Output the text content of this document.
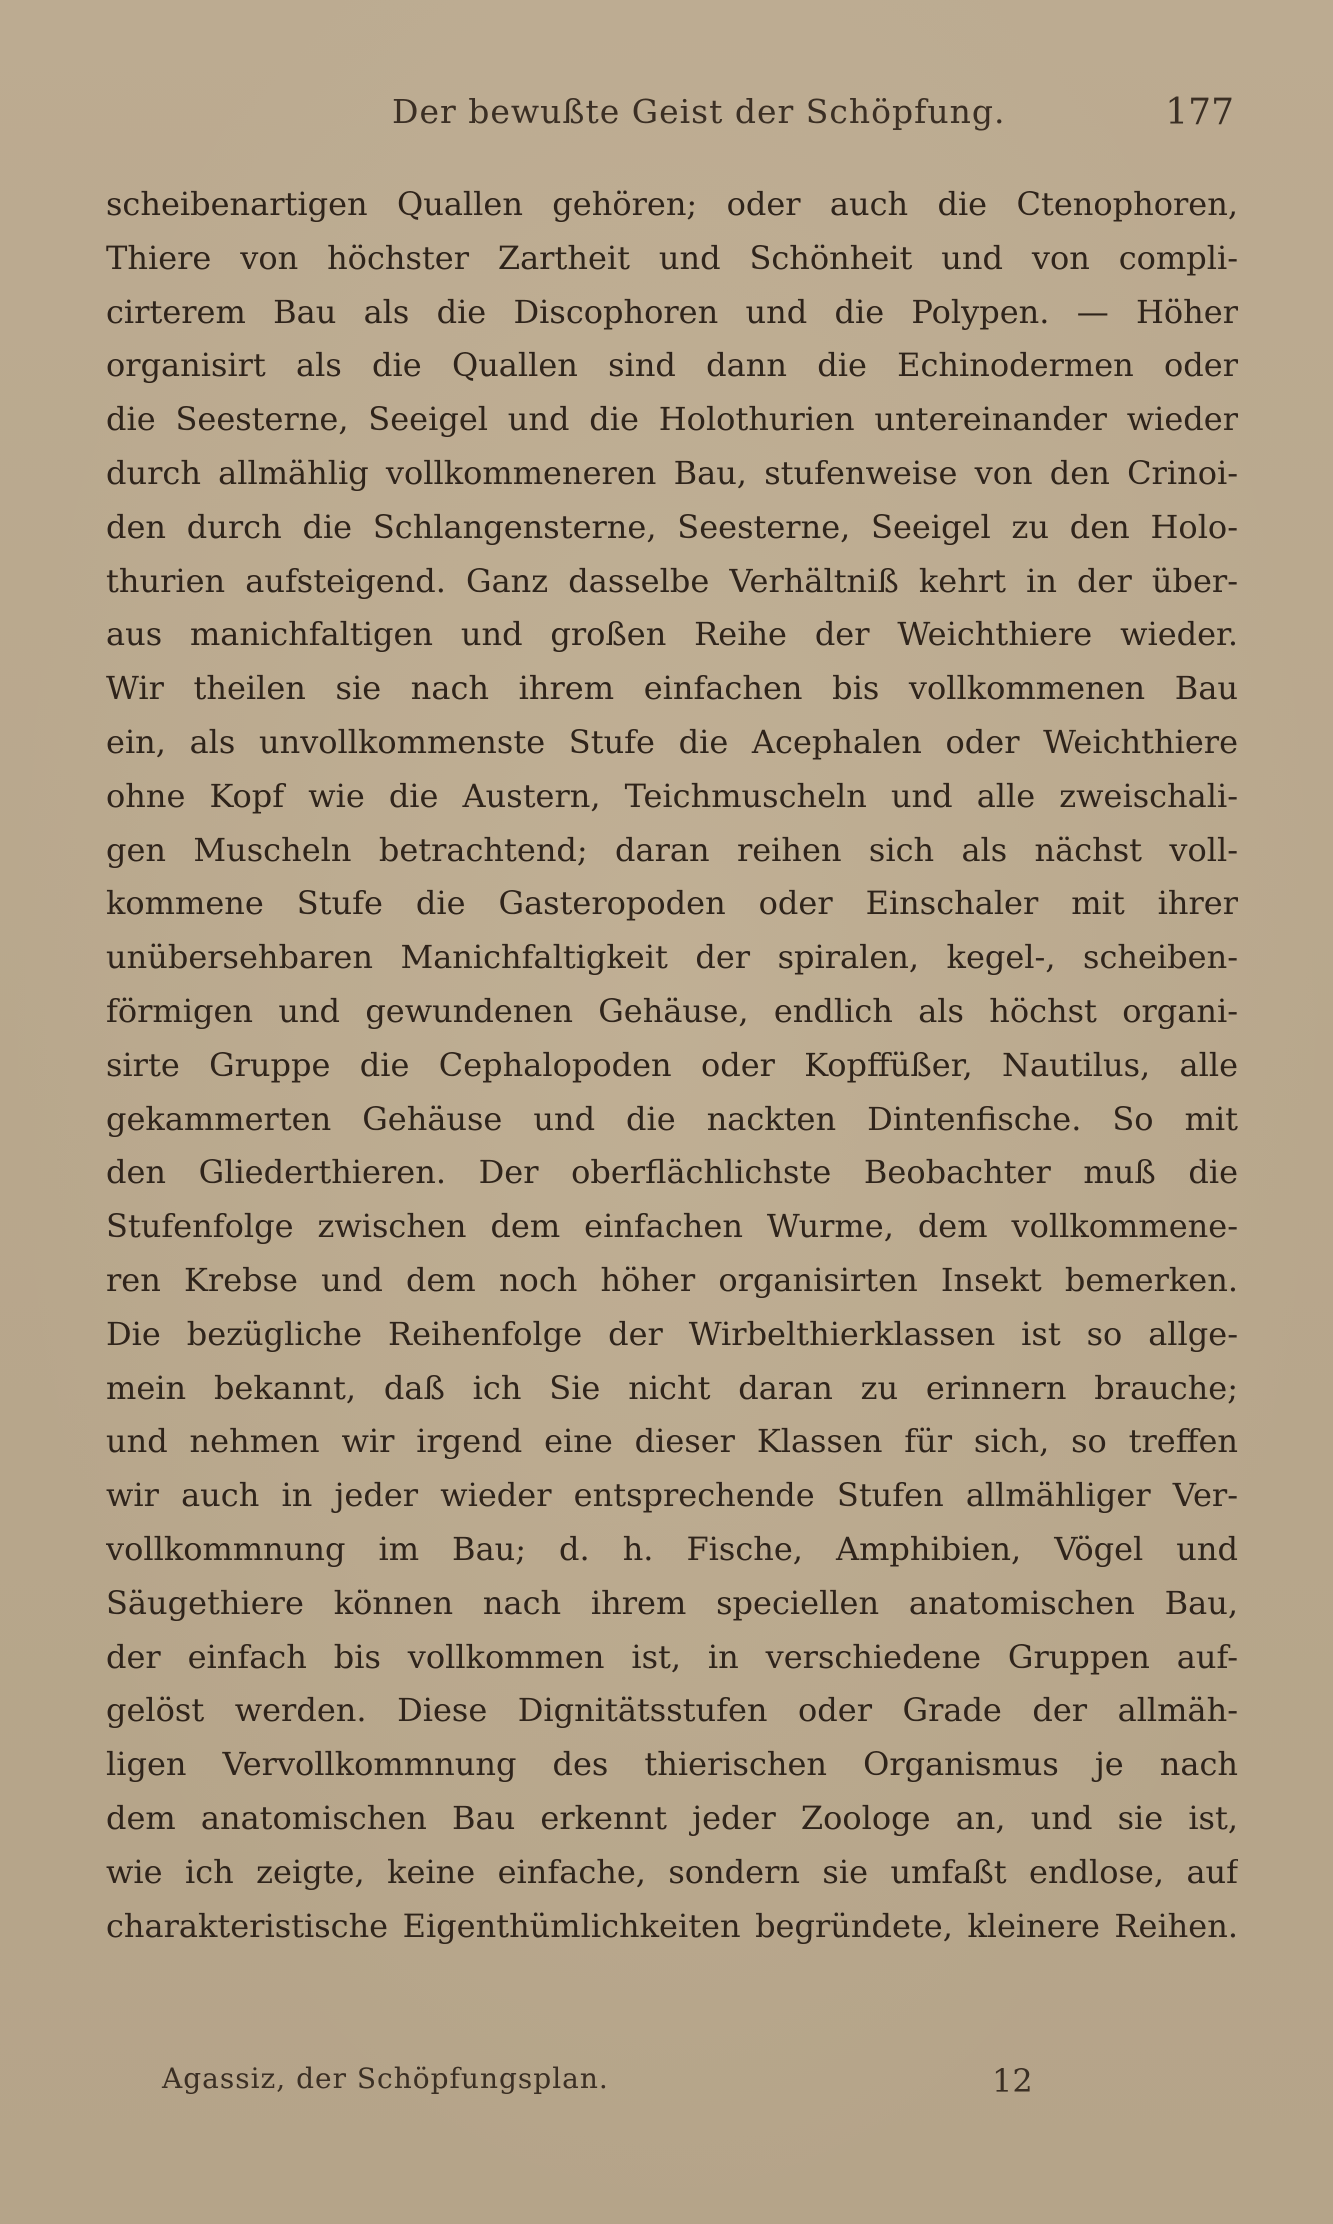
Der bewußte Geist der Schöpfung.	177
scheibenartigen Quallen gehören; oder auch die Ctenophoren,
Thiere von höchster Zartheit und Schönheit und von compli-
cirterem Bau als die Discophoren und die Polypen. — Höher
organisirt als die Quallen sind dann die Echinodermen oder
die Seesterne, Seeigel und die Holothurien untereinander wieder
durch allmählig vollkommeneren Bau, stufenweise von den Crinoi-
den durch die Schlangensterne, Seesterne, Seeigel zu den Holo-
thurien aufsteigend. Ganz dasselbe Verhältniß kehrt in der über-
aus manichfaltigen und großen Reihe der Weichthiere wieder.
Wir theilen sie nach ihrem einfachen bis vollkommenen Bau
ein, als unvollkommenste Stufe die Acephalen oder Weichthiere
ohne Kopf wie die Austern, Teichmuscheln und alle zweischali-
gen Muscheln betrachtend; daran reihen sich als nächst voll-
kommene Stufe die Gasteropoden oder Einschaler mit ihrer
unübersehbaren Manichfaltigkeit der spiralen, kegel-, scheiben-
förmigen und gewundenen Gehäuse, endlich als höchst organi-
sirte Gruppe die Cephalopoden oder Kopffüßer, Nautilus, alle
gekammerten Gehäuse und die nackten Dintenfische. So mit
den Gliederthieren. Der oberflächlichste Beobachter muß die
Stufenfolge zwischen dem einfachen Wurme, dem vollkommene-
ren Krebse und dem noch höher organisirten Insekt bemerken.
Die bezügliche Reihenfolge der Wirbelthierklassen ist so allge-
mein bekannt, daß ich Sie nicht daran zu erinnern brauche;
und nehmen wir irgend eine dieser Klassen für sich, so treffen
wir auch in jeder wieder entsprechende Stufen allmähliger Ver-
vollkommnung im Bau; d. h. Fische, Amphibien, Vögel und
Säugethiere können nach ihrem speciellen anatomischen Bau,
der einfach bis vollkommen ist, in verschiedene Gruppen auf-
gelöst werden. Diese Dignitätsstufen oder Grade der allmäh-
ligen Vervollkommnung des thierischen Organismus je nach
dem anatomischen Bau erkennt jeder Zoologe an, und sie ist,
wie ich zeigte, keine einfache, sondern sie umfaßt endlose, auf
charakteristische Eigenthümlichkeiten begründete, kleinere Reihen.
Agassiz, der Schöpfungsplan.	12
